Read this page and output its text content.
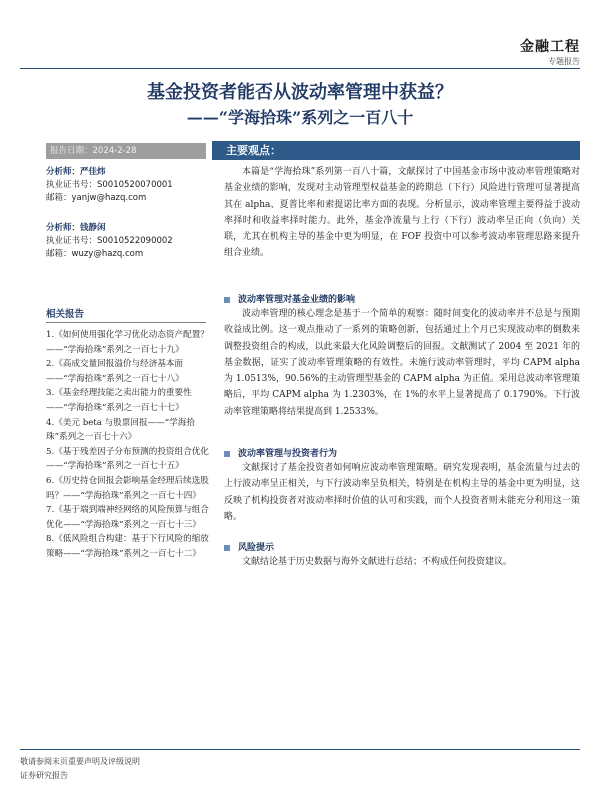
金融工程
专题报告
基金投资者能否从波动率管理中获益？
——“学海拾珠”系列之一百八十
报告日期：2024-2-28
分析师：严佳炜
执业证书号：S0010520070001
邮箱：yanjw@hazq.com
分析师：钱静闲
执业证书号：S0010522090002
邮箱：wuzy@hazq.com
相关报告
1.《如何使用强化学习优化动态资产配置？——“学海拾珠”系列之一百七十九》
2.《高成交量回报溢价与经济基本面——“学海拾珠”系列之一百七十八》
3.《基金经理技能之卖出能力的重要性——“学海拾珠”系列之一百七十七》
4.《美元 beta 与股票回报——“学海拾珠”系列之一百七十六》
5.《基于残差因子分布预测的投资组合优化——“学海拾珠”系列之一百七十五》
6.《历史持仓回报会影响基金经理后续选股吗？——“学海拾珠”系列之一百七十四》
7.《基于端到端神经网络的风险预算与组合优化——“学海拾珠”系列之一百七十三》
8.《低风险组合构建：基于下行风险的缩放策略——“学海拾珠”系列之一百七十二》
主要观点：
本篇是“学海拾珠”系列第一百八十篇，文献探讨了中国基金市场中波动率管理策略对基金业绩的影响，发现对主动管理型权益基金的跨期总（下行）风险进行管理可显著提高其在 alpha、夏普比率和索提诺比率方面的表现。分析显示，波动率管理主要得益于波动率择时和收益率择时能力。此外，基金净流量与上行（下行）波动率呈正向（负向）关联，尤其在机构主导的基金中更为明显，在 FOF 投资中可以参考波动率管理思路来提升组合业绩。
波动率管理对基金业绩的影响
波动率管理的核心理念是基于一个简单的观察：随时间变化的波动率并不总是与预期收益成比例。这一观点推动了一系列的策略创新，包括通过上个月已实现波动率的倒数来调整投资组合的构成，以此来最大化风险调整后的回报。文献测试了 2004 至 2021 年的基金数据，证实了波动率管理策略的有效性。未施行波动率管理时，平均 CAPM alpha 为 1.0513%，90.56%的主动管理型基金的 CAPM alpha 为正值。采用总波动率管理策略后，平均 CAPM alpha 为 1.2303%，在 1%的水平上显著提高了 0.1790%。下行波动率管理策略将结果提高到 1.2533%。
波动率管理与投资者行为
文献探讨了基金投资者如何响应波动率管理策略。研究发现表明，基金流量与过去的上行波动率呈正相关，与下行波动率呈负相关，特别是在机构主导的基金中更为明显，这反映了机构投资者对波动率择时价值的认可和实践，而个人投资者则未能充分利用这一策略。
风险提示
文献结论基于历史数据与海外文献进行总结；不构成任何投资建议。
敬请参阅末页重要声明及评级说明
证券研究报告
